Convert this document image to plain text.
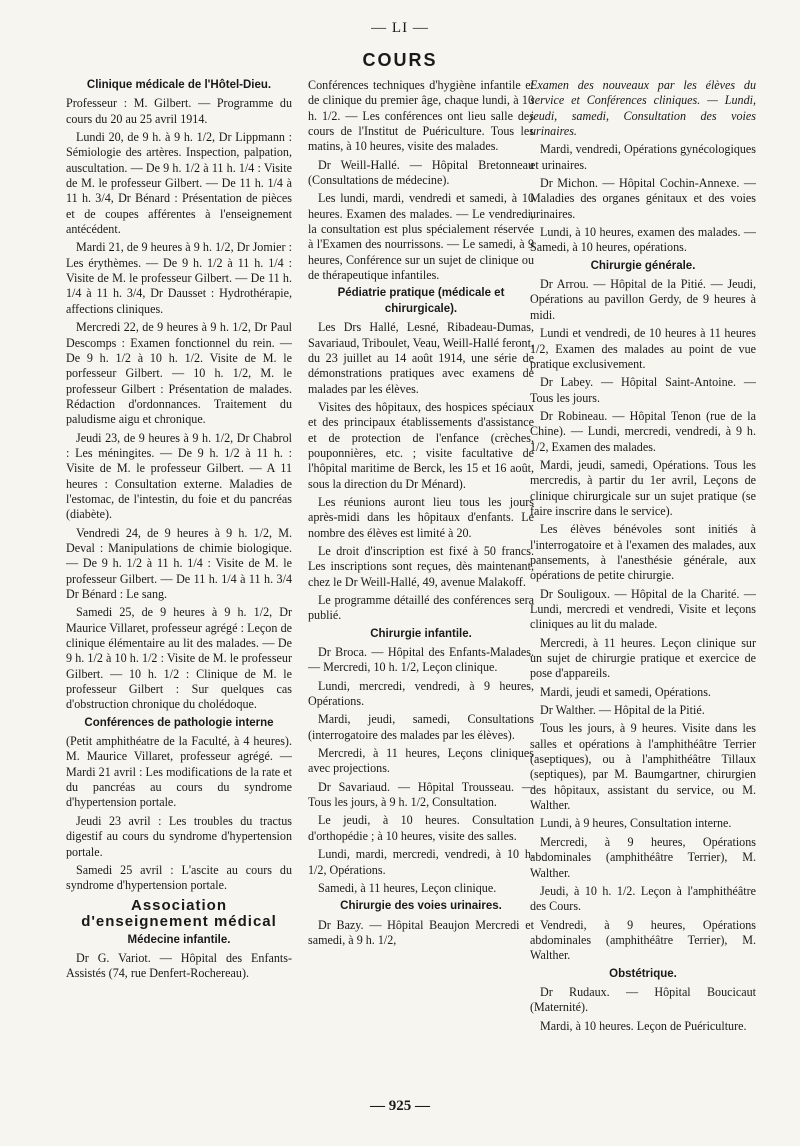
— LI —
COURS

Clinique médicale de l'Hôtel-Dieu.

Professeur : M. Gilbert. — Programme du cours du 20 au 25 avril 1914.

Lundi 20, de 9 h. à 9 h. 1/2, Dr Lippmann : Sémiologie des artères. Inspection, palpation, auscultation. — De 9 h. 1/2 à 11 h. 1/4 : Visite de M. le professeur Gilbert. — De 11 h. 1/4 à 11 h. 3/4, Dr Bénard : Présentation de pièces et de coupes afférentes à l'enseignement antécédent.

Mardi 21, de 9 heures à 9 h. 1/2, Dr Jomier : Les érythèmes. — De 9 h. 1/2 à 11 h. 1/4 : Visite de M. le professeur Gilbert. — De 11 h. 1/4 à 11 h. 3/4, Dr Dausset : Hydrothérapie, affections cliniques.

Mercredi 22, de 9 heures à 9 h. 1/2, Dr Paul Descomps : Examen fonctionnel du rein. — De 9 h. 1/2 à 10 h. 1/2. Visite de M. le porfesseur Gilbert. — 10 h. 1/2, M. le professeur Gilbert : Présentation de malades. Rédaction d'ordonnances. Traitement du paludisme aigu et chronique.

Jeudi 23, de 9 heures à 9 h. 1/2, Dr Chabrol : Les méningites. — De 9 h. 1/2 à 11 h. : Visite de M. le professeur Gilbert. — A 11 heures : Consultation externe. Maladies de l'estomac, de l'intestin, du foie et du pancréas (diabète).

Vendredi 24, de 9 heures à 9 h. 1/2, M. Deval : Manipulations de chimie biologique. — De 9 h. 1/2 à 11 h. 1/4 : Visite de M. le professeur Gilbert. — De 11 h. 1/4 à 11 h. 3/4 Dr Bénard : Le sang.

Samedi 25, de 9 heures à 9 h. 1/2, Dr Maurice Villaret, professeur agrégé : Leçon de clinique élémentaire au lit des malades. — De 9 h. 1/2 à 10 h. 1/2 : Visite de M. le professeur Gilbert. — 10 h. 1/2 : Clinique de M. le professeur Gilbert : Sur quelques cas d'obstruction chronique du cholédoque.

Conférences de pathologie interne

(Petit amphithéatre de la Faculté, à 4 heures). M. Maurice Villaret, professeur agrégé. — Mardi 21 avril : Les modifications de la rate et du pancréas au cours du syndrome d'hypertension portale.

Jeudi 23 avril : Les troubles du tractus digestif au cours du syndrome d'hypertension portale.

Samedi 25 avril : L'ascite au cours du syndrome d'hypertension portale.

Association d'enseignement médical

Médecine infantile.

Dr G. Variot. — Hôpital des Enfants-Assistés (74, rue Denfert-Rochereau).

Conférences techniques d'hygiène infantile et de clinique du premier âge, chaque lundi, à 10 h. 1/2. — Les conférences ont lieu salle des cours de l'Institut de Puériculture. Tous les matins, à 10 heures, visite des malades.

Dr Weill-Hallé. — Hôpital Bretonneau (Consultations de médecine).

Les lundi, mardi, vendredi et samedi, à 10 heures. Examen des malades. — Le vendredi, la consultation est plus spécialement réservée à l'Examen des nourrissons. — Le samedi, à 9 heures, Conférence sur un sujet de clinique ou de thérapeutique infantiles.

Pédiatrie pratique (médicale et chirurgicale).

Les Drs Hallé, Lesné, Ribadeau-Dumas, Savariaud, Triboulet, Veau, Weill-Hallé feront, du 23 juillet au 14 août 1914, une série de démonstrations pratiques avec examens de malades par les élèves.

Visites des hôpitaux, des hospices spéciaux et des principaux établissements d'assistance et de protection de l'enfance (crèches, pouponnières, etc. ; visite facultative de l'hôpital maritime de Berck, les 15 et 16 août, sous la direction du Dr Ménard).

Les réunions auront lieu tous les jours après-midi dans les hôpitaux d'enfants. Le nombre des élèves est limité à 20.

Le droit d'inscription est fixé à 50 francs. Les inscriptions sont reçues, dès maintenant, chez le Dr Weill-Hallé, 49, avenue Malakoff.

Le programme détaillé des conférences sera publié.

Chirurgie infantile.

Dr Broca. — Hôpital des Enfants-Malades. — Mercredi, 10 h. 1/2, Leçon clinique.

Lundi, mercredi, vendredi, à 9 heures, Opérations.

Mardi, jeudi, samedi, Consultations (interrogatoire des malades par les élèves).

Mercredi, à 11 heures, Leçons cliniques avec projections.

Dr Savariaud. — Hôpital Trousseau. — Tous les jours, à 9 h. 1/2, Consultation.

Le jeudi, à 10 heures. Consultation d'orthopédie ; à 10 heures, visite des salles.

Lundi, mardi, mercredi, vendredi, à 10 h. 1/2, Opérations.

Samedi, à 11 heures, Leçon clinique.

Chirurgie des voies urinaires.

Dr Bazy. — Hôpital Beaujon Mercredi et samedi, à 9 h. 1/2,

Examen des nouveaux par les élèves du service et Conférences cliniques. — Lundi, jeudi, samedi, Consultation des voies urinaires.

Mardi, vendredi, Opérations gynécologiques et urinaires.

Dr Michon. — Hôpital Cochin-Annexe. — Maladies des organes génitaux et des voies urinaires.

Lundi, à 10 heures, examen des malades. — Samedi, à 10 heures, opérations.

Chirurgie générale.

Dr Arrou. — Hôpital de la Pitié. — Jeudi, Opérations au pavillon Gerdy, de 9 heures à midi.

Lundi et vendredi, de 10 heures à 11 heures 1/2, Examen des malades au point de vue pratique exclusivement.

Dr Labey. — Hôpital Saint-Antoine. — Tous les jours.

Dr Robineau. — Hôpital Tenon (rue de la Chine). — Lundi, mercredi, vendredi, à 9 h. 1/2, Examen des malades.

Mardi, jeudi, samedi, Opérations. Tous les mercredis, à partir du 1er avril, Leçons de clinique chirurgicale sur un sujet pratique (se faire inscrire dans le service).

Les élèves bénévoles sont initiés à l'interrogatoire et à l'examen des malades, aux pansements, à l'anesthésie générale, aux opérations de petite chirurgie.

Dr Souligoux. — Hôpital de la Charité. — Lundi, mercredi et vendredi, Visite et leçons cliniques au lit du malade.

Mercredi, à 11 heures. Leçon clinique sur un sujet de chirurgie pratique et exercice de pose d'appareils.

Mardi, jeudi et samedi, Opérations.

Dr Walther. — Hôpital de la Pitié.

Tous les jours, à 9 heures. Visite dans les salles et opérations à l'amphithéâtre Terrier (aseptiques), ou à l'amphithéâtre Tillaux (septiques), par M. Baumgartner, chirurgien des hôpitaux, assistant du service, ou M. Walther.

Lundi, à 9 heures, Consultation interne.

Mercredi, à 9 heures, Opérations abdominales (amphithéâtre Terrier), M. Walther.

Jeudi, à 10 h. 1/2. Leçon à l'amphithéâtre des Cours.

Vendredi, à 9 heures, Opérations abdominales (amphithéâtre Terrier), M. Walther.

Obstétrique.

Dr Rudaux. — Hôpital Boucicaut (Maternité).

Mardi, à 10 heures. Leçon de Puériculture.

— 925 —
